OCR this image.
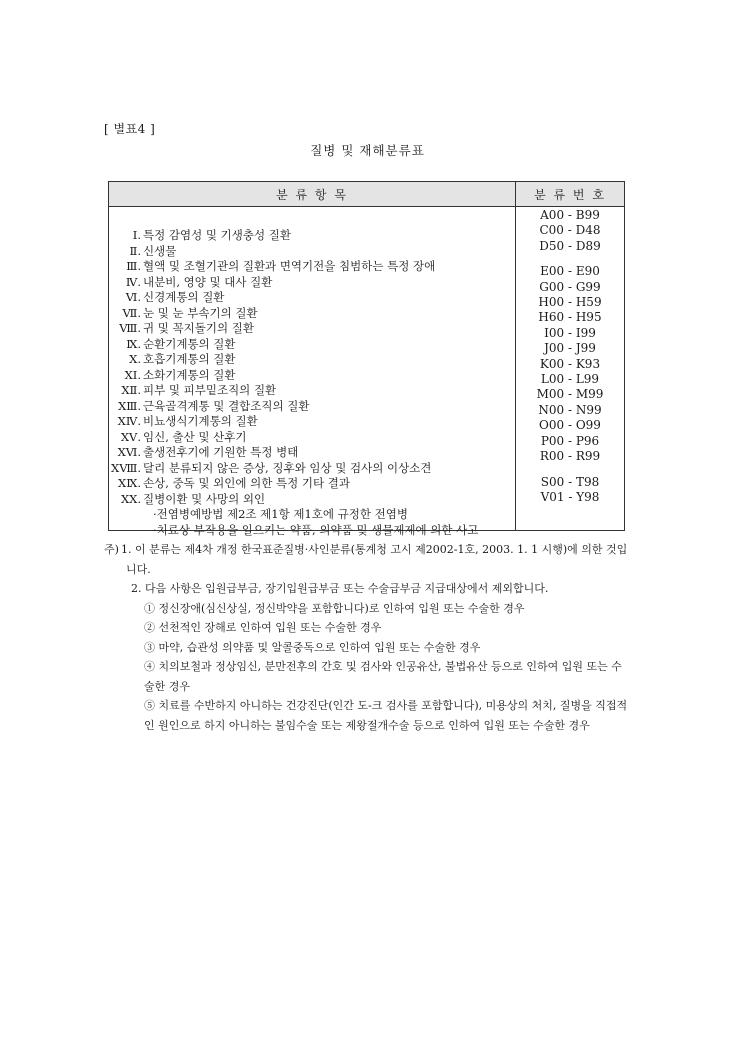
[ 별표4 ]
질병 및 재해분류표
분 류 항 목	분 류 번 호
Ⅰ. 특정 감염성 및 기생충성 질환
Ⅱ. 신생물
Ⅲ. 혈액 및 조혈기관의 질환과 면역기전을 침범하는 특정 장애
Ⅳ. 내분비, 영양 및 대사 질환
Ⅵ. 신경계통의 질환
Ⅶ. 눈 및 눈 부속기의 질환
Ⅷ. 귀 및 꼭지돌기의 질환
Ⅸ. 순환기계통의 질환
Ⅹ. 호흡기계통의 질환
ⅩⅠ. 소화기계통의 질환
ⅩⅡ. 피부 및 피부밑조직의 질환
ⅩⅢ. 근육골격계통 및 결합조직의 질환
ⅩⅣ. 비뇨생식기계통의 질환
ⅩⅤ. 임신, 출산 및 산후기
ⅩⅥ. 출생전후기에 기원한 특정 병태
ⅩⅧ. 달리 분류되지 않은 증상, 징후와 임상 및 검사의 이상소견
ⅩⅨ. 손상, 중독 및 외인에 의한 특정 기타 결과
ⅩⅩ. 질병이환 및 사망의 외인
·전염병예방법 제2조 제1항 제1호에 규정한 전염병
·치료상 부작용을 일으키는 약품, 의약품 및 생물제제에 의한 사고
A00 - B99
C00 - D48
D50 - D89
E00 - E90
G00 - G99
H00 - H59
H60 - H95
I00 - I99
J00 - J99
K00 - K93
L00 - L99
M00 - M99
N00 - N99
O00 - O99
P00 - P96
R00 - R99
S00 - T98
V01 - Y98
주) 1. 이 분류는 제4차 개정 한국표준질병·사인분류(통계청 고시 제2002-1호, 2003. 1. 1 시행)에 의한 것입니다.
2. 다음 사항은 입원급부금, 장기입원급부금 또는 수술급부금 지급대상에서 제외합니다.
① 정신장애(심신상실, 정신박약을 포함합니다)로 인하여 입원 또는 수술한 경우
② 선천적인 장해로 인하여 입원 또는 수술한 경우
③ 마약, 습관성 의약품 및 알콜중독으로 인하여 입원 또는 수술한 경우
④ 치의보철과 정상임신, 분만전후의 간호 및 검사와 인공유산, 불법유산 등으로 인하여 입원 또는 수술한 경우
⑤ 치료를 수반하지 아니하는 건강진단(인간 도-크 검사를 포함합니다), 미용상의 처치, 질병을 직접적인 원인으로 하지 아니하는 불임수술 또는 제왕절개수술 등으로 인하여 입원 또는 수술한 경우
